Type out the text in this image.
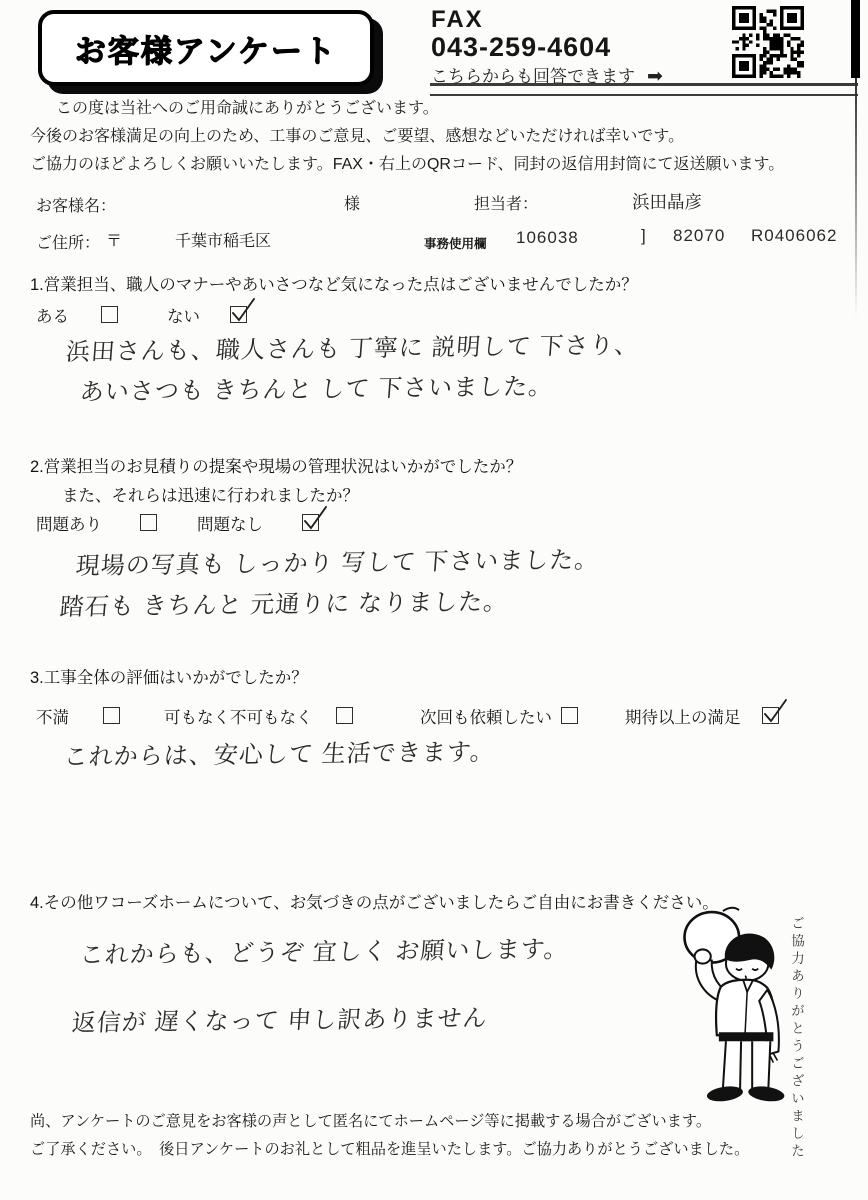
お客様アンケート
FAX
043-259-4604
こちらからも回答できます ➡
この度は当社へのご用命誠にありがとうございます。
今後のお客様満足の向上のため、工事のご意見、ご要望、感想などいただければ幸いです。
ご協力のほどよろしくお願いいたします。FAX・右上のQRコード、同封の返信用封筒にて返送願います。
お客様名：	様	担当者：	浜田晶彦
ご住所： 〒	千葉市稲毛区	事務使用欄 106038	] 82070 R0406062
1.営業担当、職人のマナーやあいさつなど気になった点はございませんでしたか？
ある	ない
浜田さんも、職人さんも 丁寧に 説明して 下さり、
あいさつも きちんと して 下さいました。
2.営業担当のお見積りの提案や現場の管理状況はいかがでしたか？
また、それらは迅速に行われましたか？
問題あり	問題なし
現場の写真も しっかり 写して 下さいました。
踏石も きちんと 元通りに なりました。
3.工事全体の評価はいかがでしたか？
不満	可もなく不可もなく	次回も依頼したい	期待以上の満足
これからは、安心して 生活できます。
4.その他ワコーズホームについて、お気づきの点がございましたらご自由にお書きください。
これからも、どうぞ 宜しく お願いします。
返信が 遅くなって 申し訳ありません	ご協力ありがとうございました
尚、アンケートのご意見をお客様の声として匿名にてホームページ等に掲載する場合がございます。
ご了承ください。　後日アンケートのお礼として粗品を進呈いたします。ご協力ありがとうございました。
